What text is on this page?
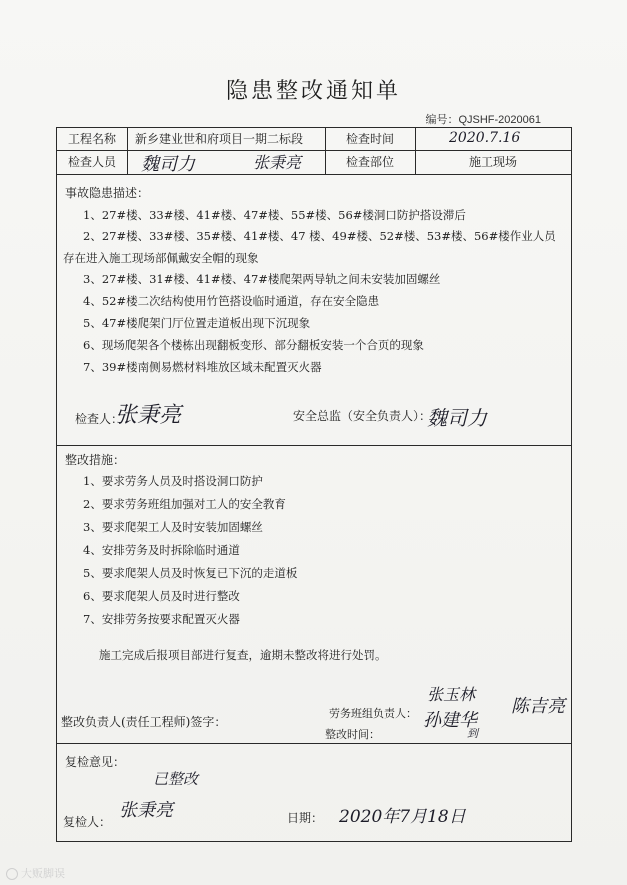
隐患整改通知单
编号：QJSHF-2020061
工程名称	新乡建业世和府项目一期二标段	检查时间	2020.7.16
检查人员	魏司力	张秉亮	检查部位	施工现场
事故隐患描述：
1、27#楼、33#楼、41#楼、47#楼、55#楼、56#楼洞口防护搭设滞后
2、27#楼、33#楼、35#楼、41#楼、47 楼、49#楼、52#楼、53#楼、56#楼作业人员存在进入施工现场部佩戴安全帽的现象
3、27#楼、31#楼、41#楼、47#楼爬架两导轨之间未安装加固螺丝
4、52#楼二次结构使用竹笆搭设临时通道，存在安全隐患
5、47#楼爬架门厅位置走道板出现下沉现象
6、现场爬架各个楼栋出现翻板变形、部分翻板安装一个合页的现象
7、39#楼南侧易燃材料堆放区域未配置灭火器
检查人：
张秉亮	安全总监（安全负责人）：
魏司力
整改措施：
1、要求劳务人员及时搭设洞口防护
2、要求劳务班组加强对工人的安全教育
3、要求爬架工人及时安装加固螺丝
4、安排劳务及时拆除临时通道
5、要求爬架人员及时恢复已下沉的走道板
6、要求爬架人员及时进行整改
7、安排劳务按要求配置灭火器
施工完成后报项目部进行复查，逾期未整改将进行处罚。
张玉林
陈吉亮
整改负责人(责任工程师)签字：
劳务班组负责人： 孙建华
整改时间：	到
复检意见：
已整改
复检人：
张秉亮	日期： 2020年7月18日
大贩脚误
